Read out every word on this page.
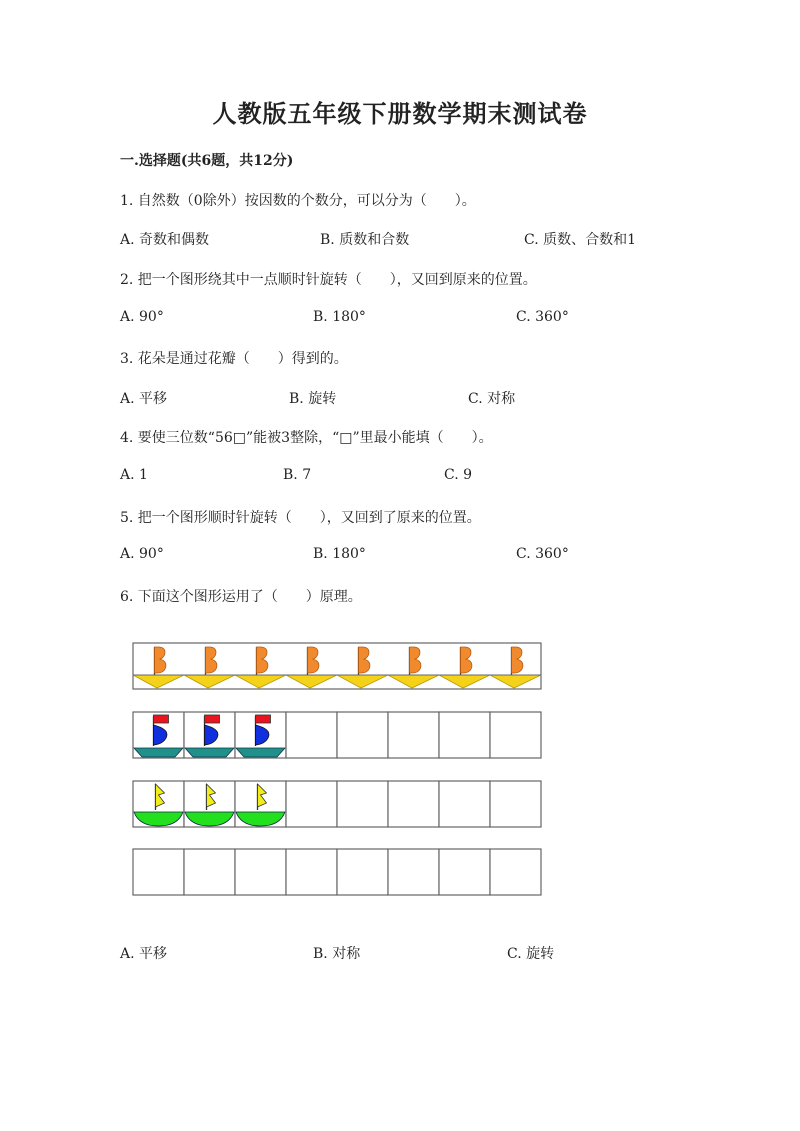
人教版五年级下册数学期末测试卷
一.选择题(共6题，共12分)
1. 自然数（0除外）按因数的个数分，可以分为（　　）。
A. 奇数和偶数	B. 质数和合数	C. 质数、合数和1
2. 把一个图形绕其中一点顺时针旋转（　　），又回到原来的位置。
A. 90°	B. 180°	C. 360°
3. 花朵是通过花瓣（　　）得到的。
A. 平移	B. 旋转	C. 对称
4. 要使三位数“56□”能被3整除，“□”里最小能填（　　）。
A. 1	B. 7	C. 9
5. 把一个图形顺时针旋转（　　），又回到了原来的位置。
A. 90°	B. 180°	C. 360°
6. 下面这个图形运用了（　　）原理。
A. 平移	B. 对称	C. 旋转
